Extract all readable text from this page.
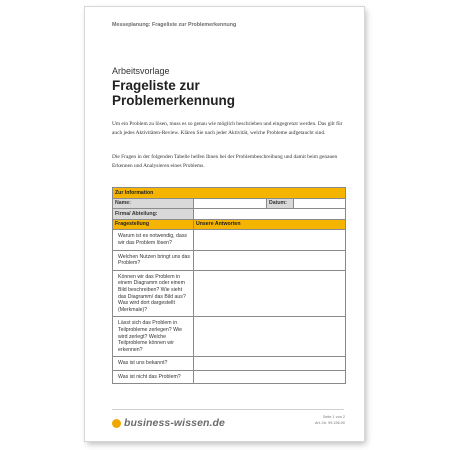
Messeplanung: Frageliste zur Problemerkennung
Arbeitsvorlage
Frageliste zur
Problemerkennung

Um ein Problem zu lösen, muss es so genau wie möglich beschrieben und eingegrenzt werden. Das gilt für auch jedes Aktivitäten-Review. Klären Sie nach jeder Aktivität, welche Probleme aufgetaucht sind.

Die Fragen in der folgenden Tabelle helfen Ihnen bei der Problembeschreibung und damit beim genauen Erkennen und Analysieren eines Problems.

Zur Information			
Name:		Datum:	
Firma/ Abteilung:			
Fragestellung	Unsere Antworten		
Warum ist es notwendig, dass wir das Problem lösen?			
Welchen Nutzen bringt uns das Problem?			
Können wir das Problem in einem Diagramm oder einem Bild beschreiben? Wie sieht das Diagramm/ das Bild aus? Was wird dort dargestellt (Merkmale)?			
Lässt sich das Problem in Teilprobleme zerlegen? Wie wird zerlegt? Welche Teilprobleme können wir erkennen?			
Was ist uns bekannt?			
Was ist nicht das Problem?			
business-wissen.de	Seite 1 von 2
Art.-Nr. 99.156.00
